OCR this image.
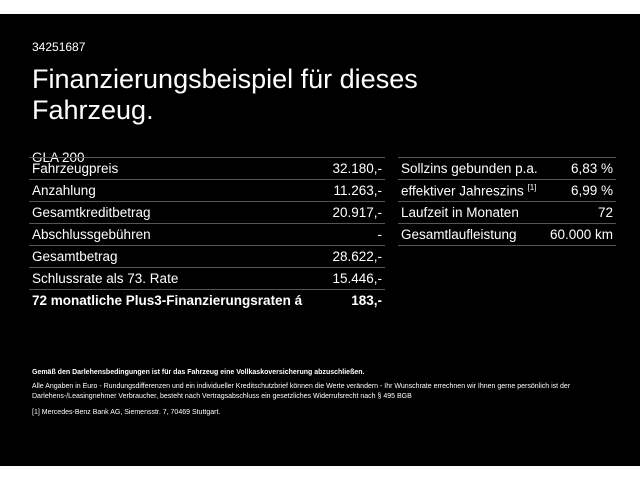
34251687
Finanzierungsbeispiel für dieses Fahrzeug.
GLA 200
Fahrzeugpreis	32.180,-
Anzahlung	11.263,-
Gesamtkreditbetrag	20.917,-
Abschlussgebühren	-
Gesamtbetrag	28.622,-
Schlussrate als 73. Rate	15.446,-
72 monatliche Plus3-Finanzierungsraten á	183,-
Sollzins gebunden p.a.	6,83 %
effektiver Jahreszins [1]	6,99 %
Laufzeit in Monaten	72
Gesamtlaufleistung	60.000 km
Gemäß den Darlehensbedingungen ist für das Fahrzeug eine Vollkaskoversicherung abzuschließen.
Alle Angaben in Euro - Rundungsdifferenzen und ein individueller Kreditschutzbrief können die Werte verändern - Ihr Wunschrate errechnen wir Ihnen gerne persönlich ist der Darlehens-/Leasingnehmer Verbraucher, besteht nach Vertragsabschluss ein gesetzliches Widerrufsrecht nach § 495 BGB
[1] Mercedes-Benz Bank AG, Siemensstr. 7, 70469 Stuttgart.
